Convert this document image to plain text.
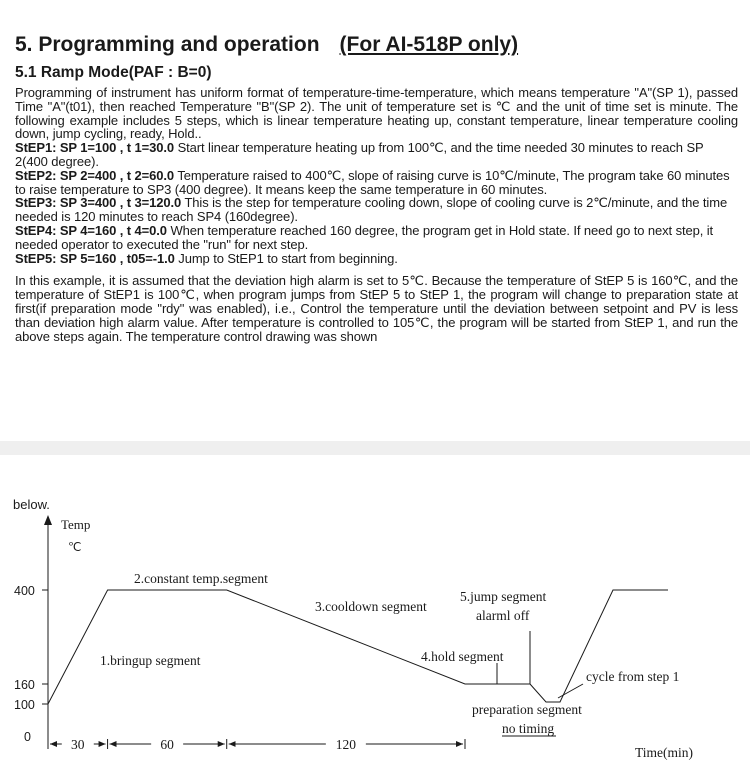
5. Programming and operation (For AI-518P only)
5.1 Ramp Mode(PAF : B=0)

Programming of instrument has uniform format of temperature-time-temperature, which means temperature "A"(SP 1), passed Time "A"(t01), then reached Temperature "B"(SP 2). The unit of temperature set is ℃ and the unit of time set is minute. The following example includes 5 steps, which is linear temperature heating up, constant temperature, linear temperature cooling down, jump cycling, ready, Hold..

StEP1: SP 1=100 , t 1=30.0 Start linear temperature heating up from 100℃, and the time needed 30 minutes to reach SP 2(400 degree).

StEP2: SP 2=400 , t 2=60.0 Temperature raised to 400℃, slope of raising curve is 10℃/minute, The program take 60 minutes to raise temperature to SP3 (400 degree). It means keep the same temperature in 60 minutes.

StEP3: SP 3=400 , t 3=120.0 This is the step for temperature cooling down, slope of cooling curve is 2℃/minute, and the time needed is 120 minutes to reach SP4 (160degree).

StEP4: SP 4=160 , t 4=0.0 When temperature reached 160 degree, the program get in Hold state. If need go to next step, it needed operator to executed the "run" for next step.

StEP5: SP 5=160 , t05=-1.0 Jump to StEP1 to start from beginning.

In this example, it is assumed that the deviation high alarm is set to 5℃. Because the temperature of StEP 5 is 160℃, and the temperature of StEP1 is 100℃, when program jumps from StEP 5 to StEP 1, the program will change to preparation state at first(if preparation mode "rdy" was enabled), i.e., Control the temperature until the deviation between setpoint and PV is less than deviation high alarm value. After temperature is controlled to 105℃, the program will be started from StEP 1, and run the above steps again. The temperature control drawing was shown

below.
Temp
℃
400
160
100
0	30	60	120
1.bringup segment
2.constant temp.segment
3.cooldown segment
4.hold segment
5.jump segment
alarml off
preparation segment
no timing
cycle from step 1
Time(min)
